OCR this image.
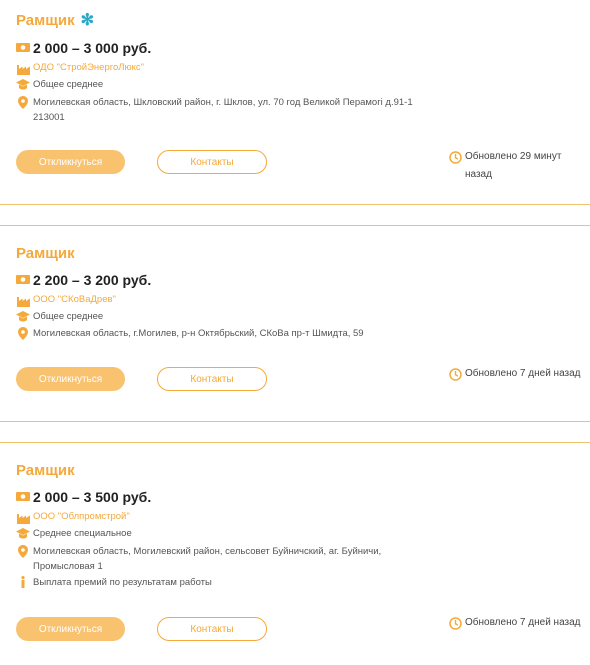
Рамщик ✻
2 000 – 3 000 руб.
ОДО "СтройЭнергоЛюкс"
Общее среднее
Могилевская область, Шкловский район, г. Шклов, ул. 70 год Великой Перамогі д.91-1 213001
Откликнуться	Контакты	Обновлено 29 минут назад
Рамщик
2 200 – 3 200 руб.
ООО "СКоВаДрев"
Общее среднее
Могилевская область, г.Могилев, р-н Октябрьский, СКоВа пр-т Шмидта, 59
Откликнуться	Контакты	Обновлено 7 дней назад
Рамщик
2 000 – 3 500 руб.
ООО "Облпромстрой"
Среднее специальное
Могилевская область, Могилевский район, сельсовет Буйничский, аг. Буйничи, Промысловая 1
Выплата премий по результатам работы
Откликнуться	Контакты
Обновлено 7 дней назад
